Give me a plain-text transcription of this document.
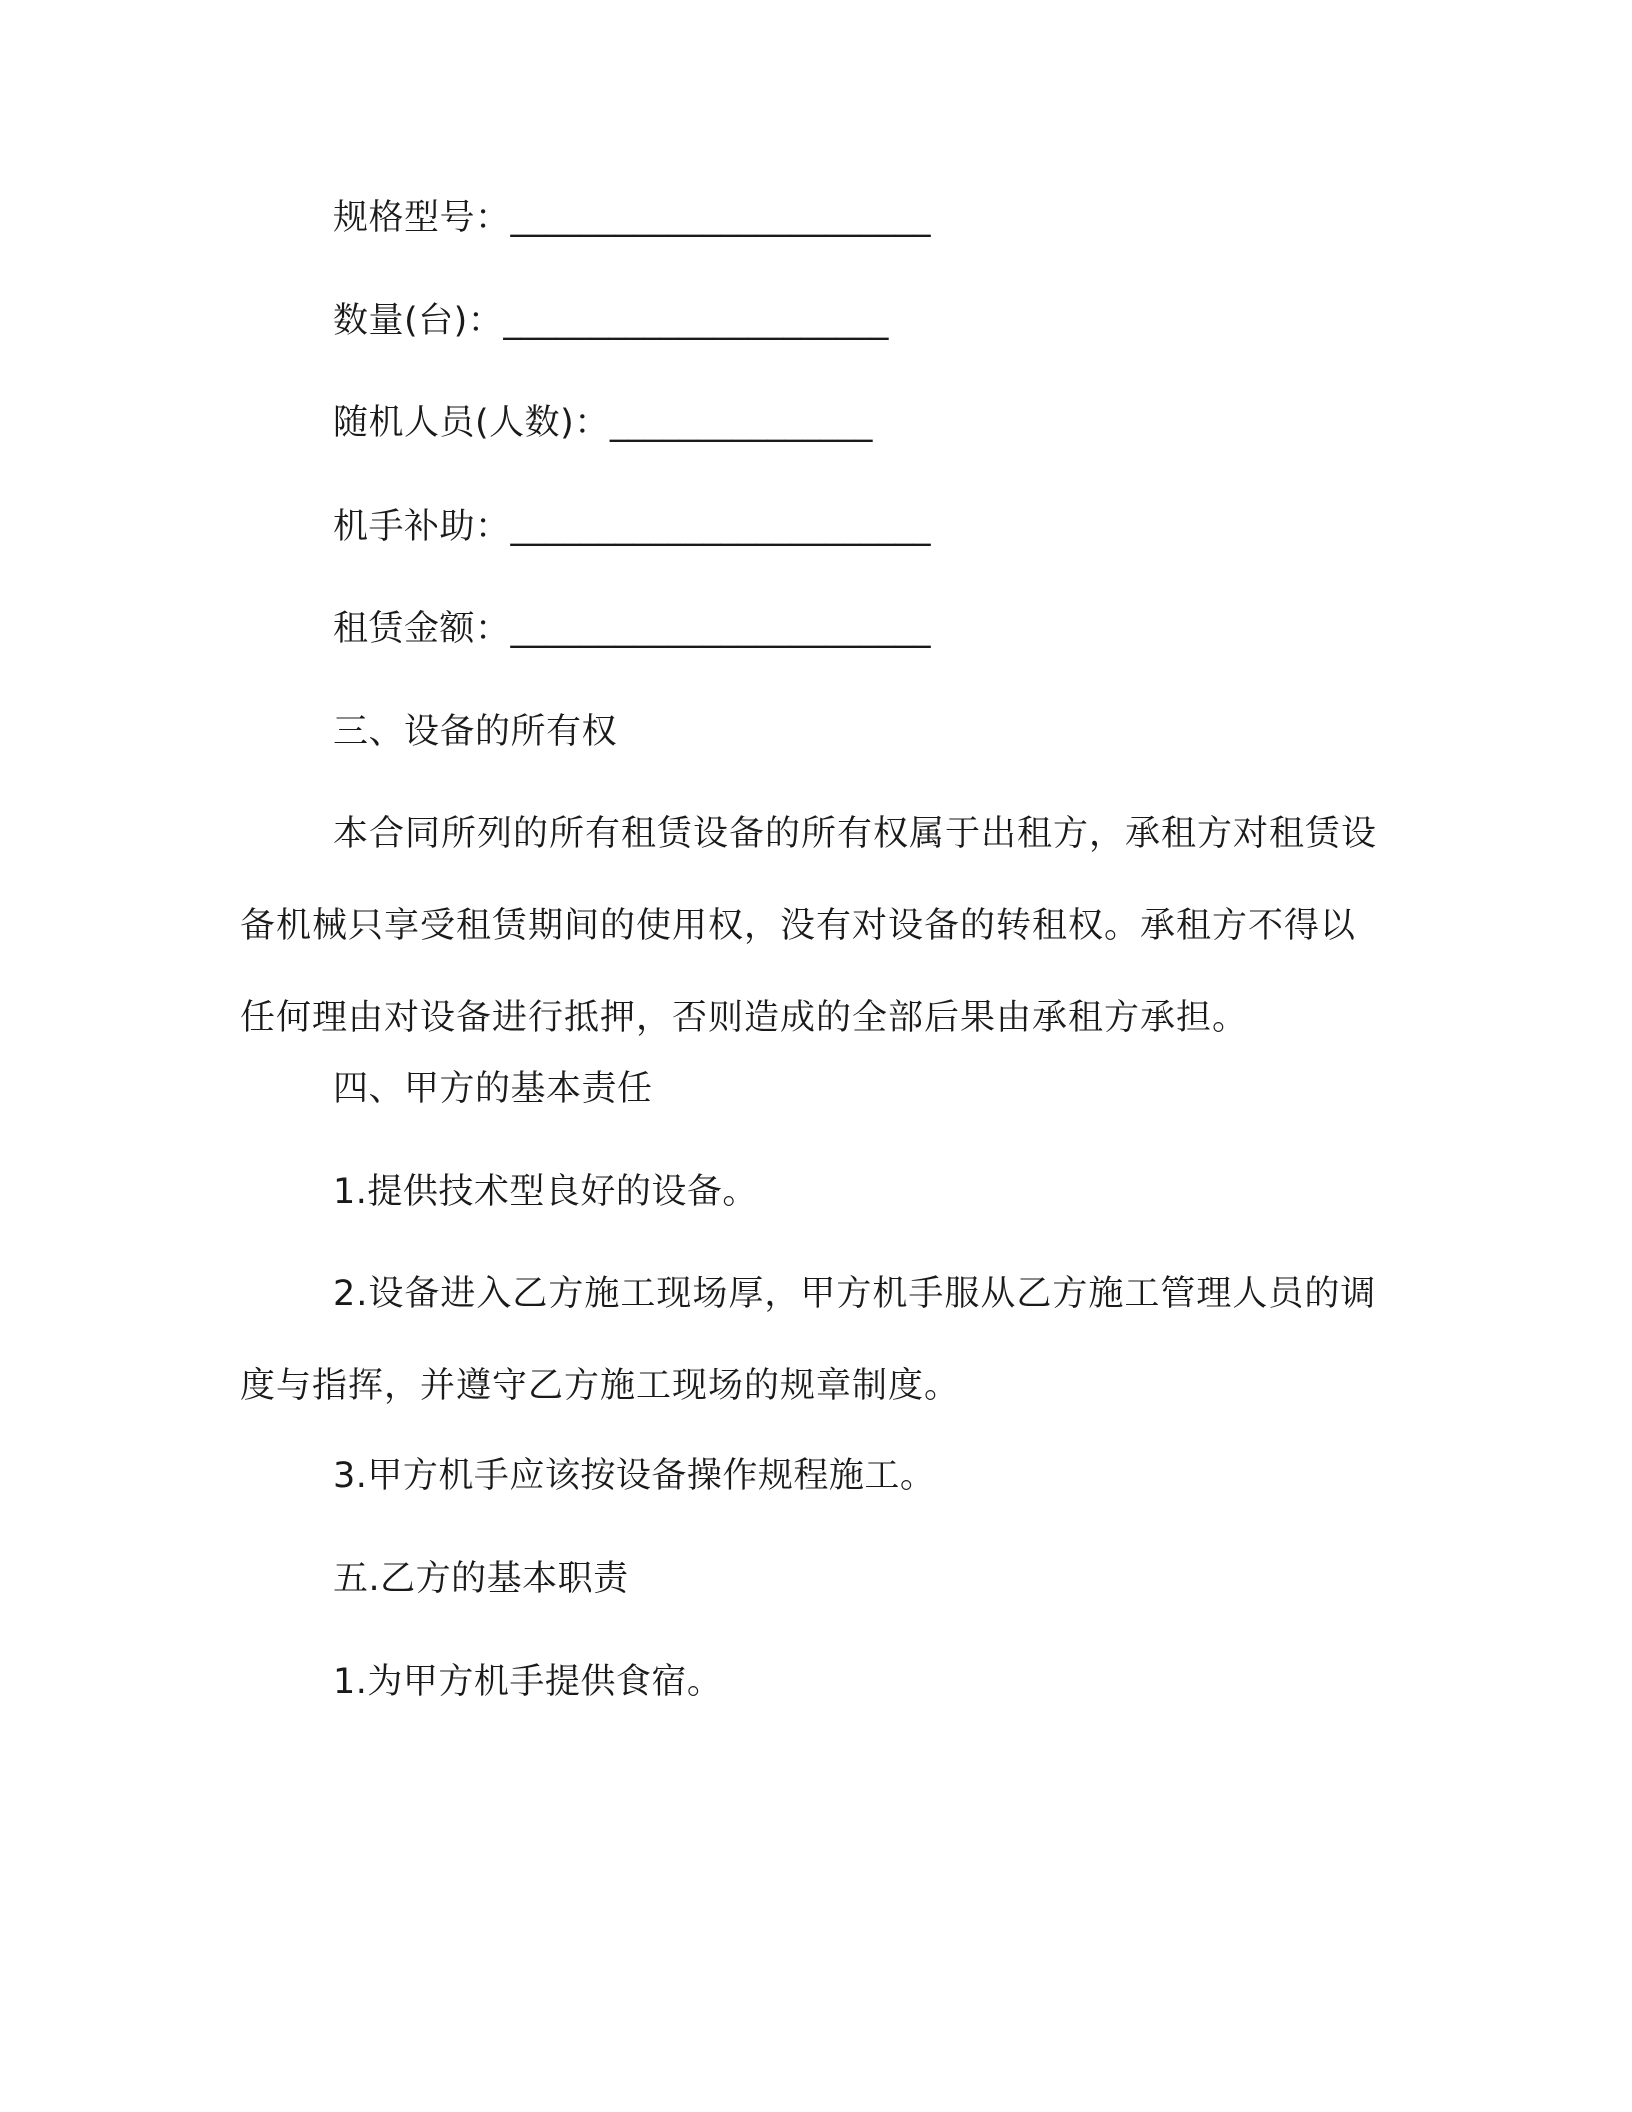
规格型号：________________________
数量(台)：______________________
随机人员(人数)：_______________
机手补助：________________________
租赁金额：________________________
三、设备的所有权

本合同所列的所有租赁设备的所有权属于出租方，承租方对租赁设备机械只享受租赁期间的使用权，没有对设备的转租权。承租方不得以任何理由对设备进行抵押，否则造成的全部后果由承租方承担。

四、甲方的基本责任
1.提供技术型良好的设备。

2.设备进入乙方施工现场厚，甲方机手服从乙方施工管理人员的调度与指挥，并遵守乙方施工现场的规章制度。

3.甲方机手应该按设备操作规程施工。
五.乙方的基本职责
1.为甲方机手提供食宿。
